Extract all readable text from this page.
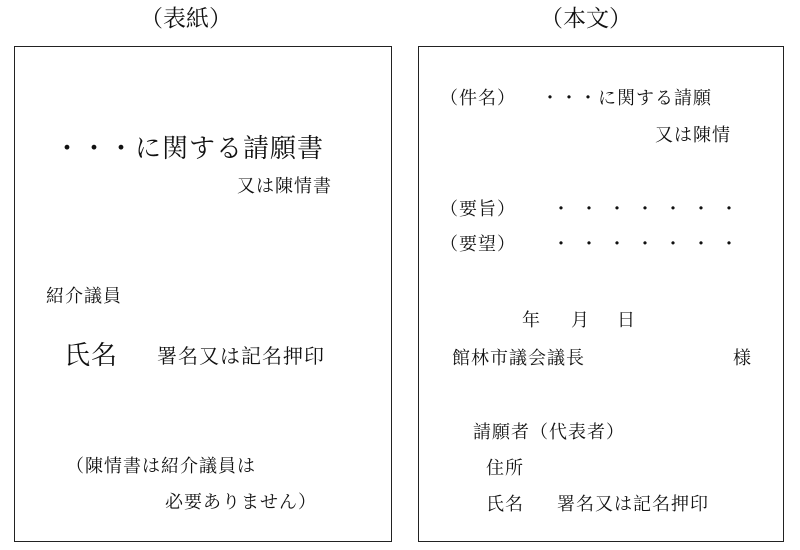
（表紙）
・・・に関する請願書
又は陳情書
紹介議員
氏名 署名又は記名押印
（陳情書は紹介議員は
必要ありません）
（本文）
（件名） ・・・に関する請願
又は陳情
（要旨） ・・・・・・・
（要望） ・・・・・・・
年 月 日
館林市議会議長	様
請願者（代表者）
住所
氏名 署名又は記名押印
